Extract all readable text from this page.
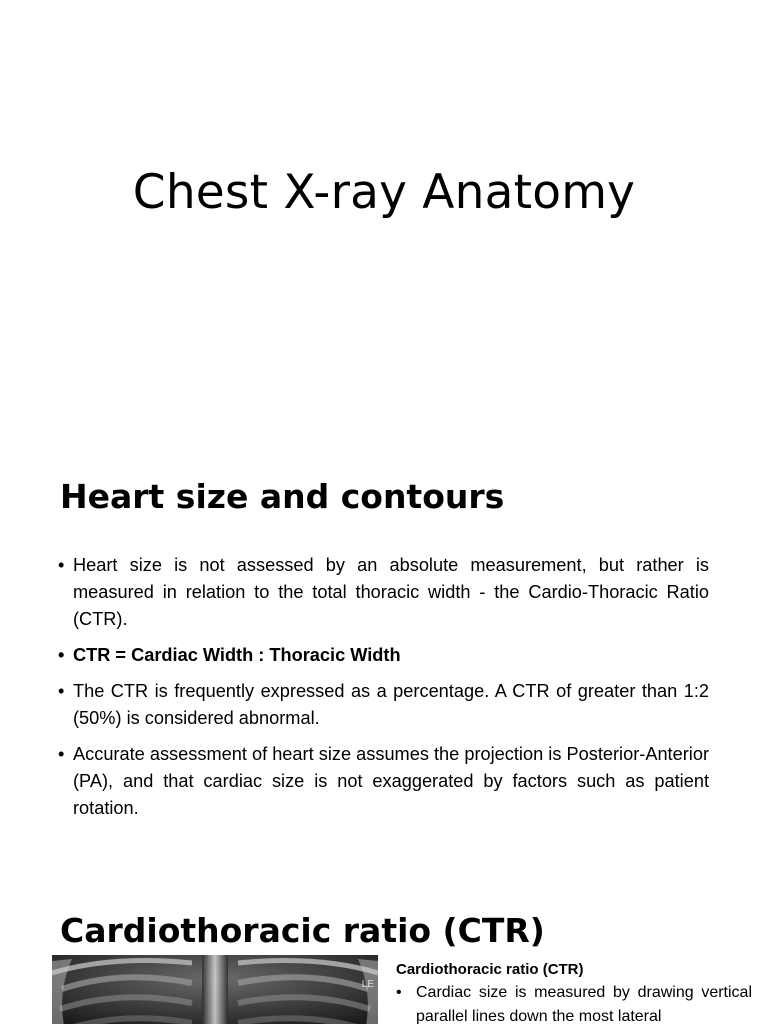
Chest X-ray Anatomy
Heart size and contours
• Heart size is not assessed by an absolute measurement, but rather is measured in relation to the total thoracic width - the Cardio-Thoracic Ratio (CTR).
• CTR = Cardiac Width : Thoracic Width
• The CTR is frequently expressed as a percentage. A CTR of greater than 1:2 (50%) is considered abnormal.
• Accurate assessment of heart size assumes the projection is Posterior-Anterior (PA), and that cardiac size is not exaggerated by factors such as patient rotation.
Cardiothoracic ratio (CTR)
LE

Cardiothoracic ratio (CTR)

• Cardiac size is measured by drawing vertical parallel lines down the most lateral
